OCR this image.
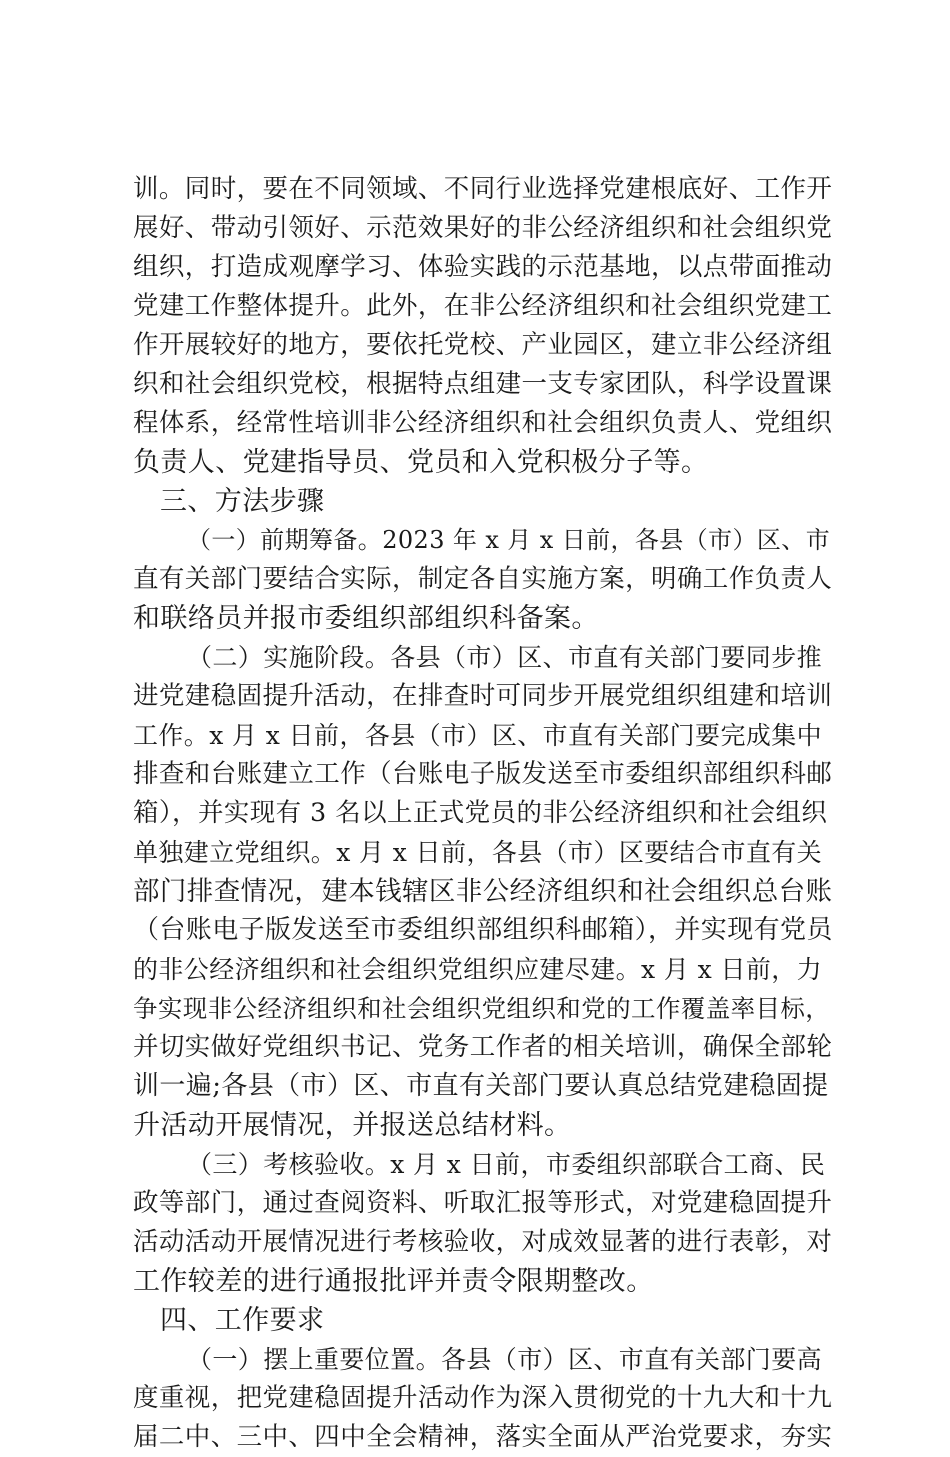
训。同时，要在不同领域、不同行业选择党建根底好、工作开
展好、带动引领好、示范效果好的非公经济组织和社会组织党
组织，打造成观摩学习、体验实践的示范基地，以点带面推动
党建工作整体提升。此外，在非公经济组织和社会组织党建工
作开展较好的地方，要依托党校、产业园区，建立非公经济组
织和社会组织党校，根据特点组建一支专家团队，科学设置课
程体系，经常性培训非公经济组织和社会组织负责人、党组织
负责人、党建指导员、党员和入党积极分子等。
三、方法步骤
（一）前期筹备。2023 年 x 月 x 日前，各县（市）区、市
直有关部门要结合实际，制定各自实施方案，明确工作负责人
和联络员并报市委组织部组织科备案。
（二）实施阶段。各县（市）区、市直有关部门要同步推
进党建稳固提升活动，在排查时可同步开展党组织组建和培训
工作。x 月 x 日前，各县（市）区、市直有关部门要完成集中
排查和台账建立工作（台账电子版发送至市委组织部组织科邮
箱），并实现有 3 名以上正式党员的非公经济组织和社会组织
单独建立党组织。x 月 x 日前，各县（市）区要结合市直有关
部门排查情况，建本钱辖区非公经济组织和社会组织总台账
（台账电子版发送至市委组织部组织科邮箱），并实现有党员
的非公经济组织和社会组织党组织应建尽建。x 月 x 日前，力
争实现非公经济组织和社会组织党组织和党的工作覆盖率目标，
并切实做好党组织书记、党务工作者的相关培训，确保全部轮
训一遍;各县（市）区、市直有关部门要认真总结党建稳固提
升活动开展情况，并报送总结材料。
（三）考核验收。x 月 x 日前，市委组织部联合工商、民
政等部门，通过查阅资料、听取汇报等形式，对党建稳固提升
活动活动开展情况进行考核验收，对成效显著的进行表彰，对
工作较差的进行通报批评并责令限期整改。
四、工作要求
（一）摆上重要位置。各县（市）区、市直有关部门要高
度重视，把党建稳固提升活动作为深入贯彻党的十九大和十九
届二中、三中、四中全会精神，落实全面从严治党要求，夯实
